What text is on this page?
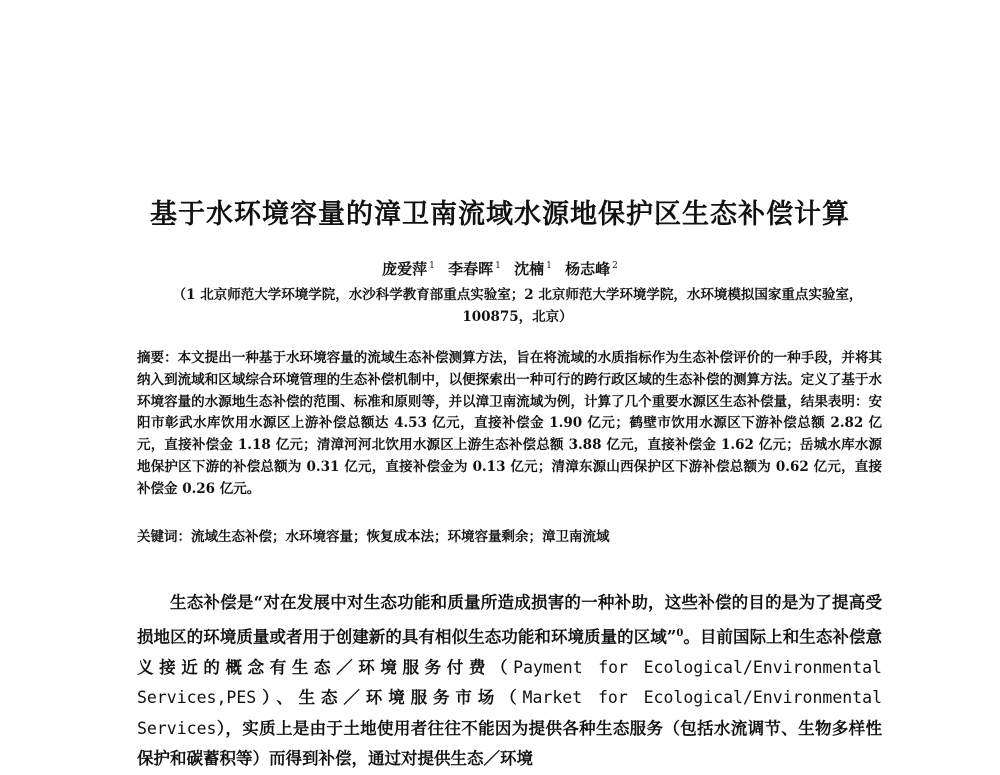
基于水环境容量的漳卫南流域水源地保护区生态补偿计算
庞爱萍 $^1$ 李春晖 $^1$ 沈楠 $^1$ 杨志峰 $^2$
（1 北京师范大学环境学院，水沙科学教育部重点实验室；2 北京师范大学环境学院，水环境模拟国家重点实验室，100875，北京）
摘要：本文提出一种基于水环境容量的流域生态补偿测算方法，旨在将流域的水质指标作为生态补偿评价的一种手段，并将其纳入到流域和区域综合环境管理的生态补偿机制中，以便探索出一种可行的跨行政区域的生态补偿的测算方法。定义了基于水环境容量的水源地生态补偿的范围、标准和原则等，并以漳卫南流域为例，计算了几个重要水源区生态补偿量，结果表明：安阳市彰武水库饮用水源区上游补偿总额达 4.53 亿元，直接补偿金 1.90 亿元；鹤壁市饮用水源区下游补偿总额 2.82 亿元，直接补偿金 1.18 亿元；清漳河河北饮用水源区上游生态补偿总额 3.88 亿元，直接补偿金 1.62 亿元；岳城水库水源地保护区下游的补偿总额为 0.31 亿元，直接补偿金为 0.13 亿元；清漳东源山西保护区下游补偿总额为 0.62 亿元，直接补偿金 0.26 亿元。
关键词：流域生态补偿；水环境容量；恢复成本法；环境容量剩余；漳卫南流域
生态补偿是“对在发展中对生态功能和质量所造成损害的一种补助，这些补偿的目的是为了提高受损地区的环境质量或者用于创建新的具有相似生态功能和环境质量的区域”$^0$。目前国际上和生态补偿意义接近的概念有生态／环境服务付费（Payment for Ecological/Environmental Services,PES）、生态／环境服务市场（Market for Ecological/Environmental Services），实质上是由于土地使用者往往不能因为提供各种生态服务（包括水流调节、生物多样性保护和碳蓄积等）而得到补偿，通过对提供生态／环境
